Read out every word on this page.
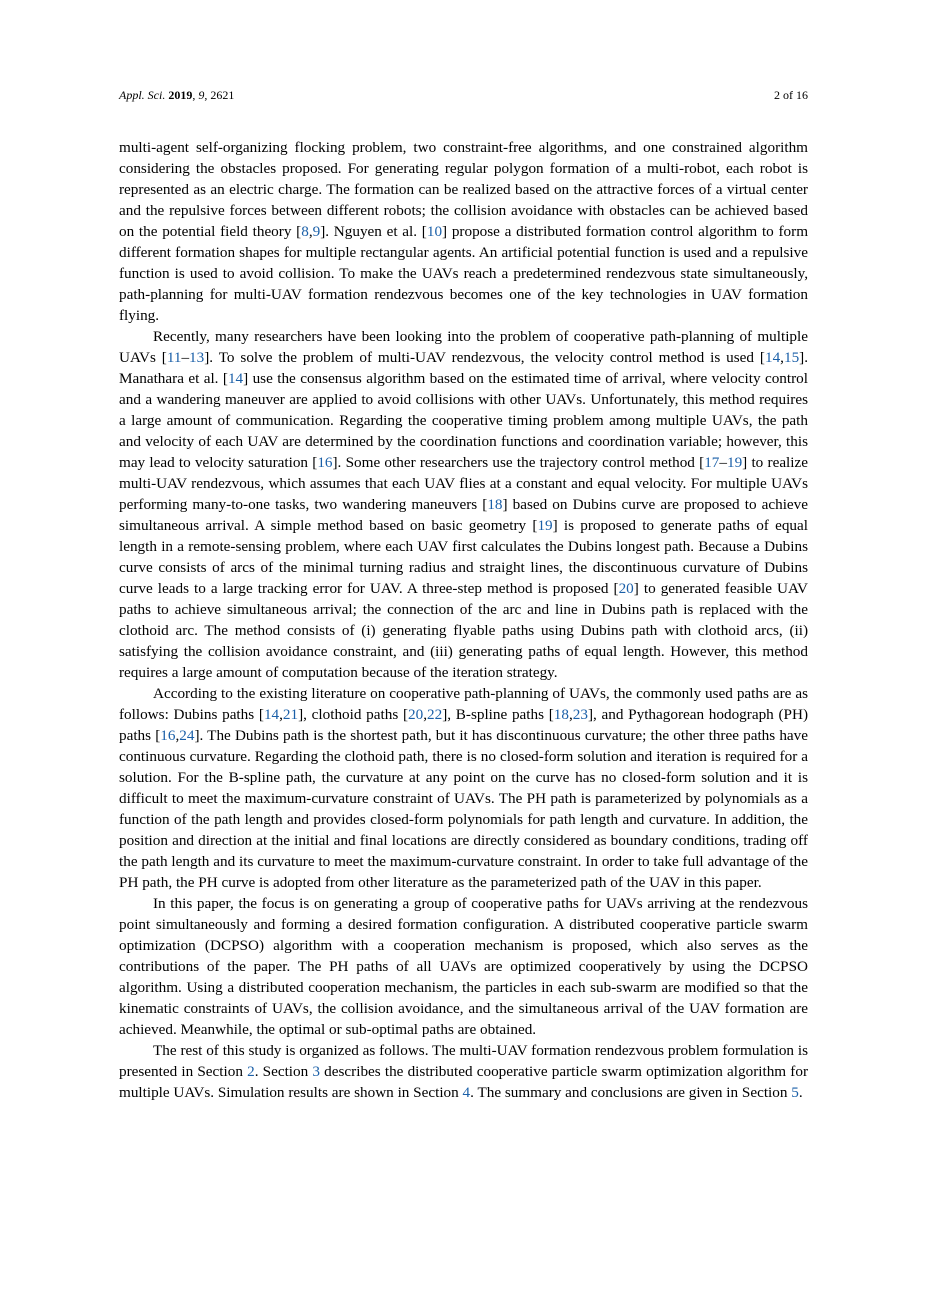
Appl. Sci. 2019, 9, 2621	2 of 16

multi-agent self-organizing flocking problem, two constraint-free algorithms, and one constrained algorithm considering the obstacles proposed. For generating regular polygon formation of a multi-robot, each robot is represented as an electric charge. The formation can be realized based on the attractive forces of a virtual center and the repulsive forces between different robots; the collision avoidance with obstacles can be achieved based on the potential field theory [8,9]. Nguyen et al. [10] propose a distributed formation control algorithm to form different formation shapes for multiple rectangular agents. An artificial potential function is used and a repulsive function is used to avoid collision. To make the UAVs reach a predetermined rendezvous state simultaneously, path-planning for multi-UAV formation rendezvous becomes one of the key technologies in UAV formation flying.

Recently, many researchers have been looking into the problem of cooperative path-planning of multiple UAVs [11–13]. To solve the problem of multi-UAV rendezvous, the velocity control method is used [14,15]. Manathara et al. [14] use the consensus algorithm based on the estimated time of arrival, where velocity control and a wandering maneuver are applied to avoid collisions with other UAVs. Unfortunately, this method requires a large amount of communication. Regarding the cooperative timing problem among multiple UAVs, the path and velocity of each UAV are determined by the coordination functions and coordination variable; however, this may lead to velocity saturation [16]. Some other researchers use the trajectory control method [17–19] to realize multi-UAV rendezvous, which assumes that each UAV flies at a constant and equal velocity. For multiple UAVs performing many-to-one tasks, two wandering maneuvers [18] based on Dubins curve are proposed to achieve simultaneous arrival. A simple method based on basic geometry [19] is proposed to generate paths of equal length in a remote-sensing problem, where each UAV first calculates the Dubins longest path. Because a Dubins curve consists of arcs of the minimal turning radius and straight lines, the discontinuous curvature of Dubins curve leads to a large tracking error for UAV. A three-step method is proposed [20] to generated feasible UAV paths to achieve simultaneous arrival; the connection of the arc and line in Dubins path is replaced with the clothoid arc. The method consists of (i) generating flyable paths using Dubins path with clothoid arcs, (ii) satisfying the collision avoidance constraint, and (iii) generating paths of equal length. However, this method requires a large amount of computation because of the iteration strategy.

According to the existing literature on cooperative path-planning of UAVs, the commonly used paths are as follows: Dubins paths [14,21], clothoid paths [20,22], B-spline paths [18,23], and Pythagorean hodograph (PH) paths [16,24]. The Dubins path is the shortest path, but it has discontinuous curvature; the other three paths have continuous curvature. Regarding the clothoid path, there is no closed-form solution and iteration is required for a solution. For the B-spline path, the curvature at any point on the curve has no closed-form solution and it is difficult to meet the maximum-curvature constraint of UAVs. The PH path is parameterized by polynomials as a function of the path length and provides closed-form polynomials for path length and curvature. In addition, the position and direction at the initial and final locations are directly considered as boundary conditions, trading off the path length and its curvature to meet the maximum-curvature constraint. In order to take full advantage of the PH path, the PH curve is adopted from other literature as the parameterized path of the UAV in this paper.

In this paper, the focus is on generating a group of cooperative paths for UAVs arriving at the rendezvous point simultaneously and forming a desired formation configuration. A distributed cooperative particle swarm optimization (DCPSO) algorithm with a cooperation mechanism is proposed, which also serves as the contributions of the paper. The PH paths of all UAVs are optimized cooperatively by using the DCPSO algorithm. Using a distributed cooperation mechanism, the particles in each sub-swarm are modified so that the kinematic constraints of UAVs, the collision avoidance, and the simultaneous arrival of the UAV formation are achieved. Meanwhile, the optimal or sub-optimal paths are obtained.

The rest of this study is organized as follows. The multi-UAV formation rendezvous problem formulation is presented in Section 2. Section 3 describes the distributed cooperative particle swarm optimization algorithm for multiple UAVs. Simulation results are shown in Section 4. The summary and conclusions are given in Section 5.
